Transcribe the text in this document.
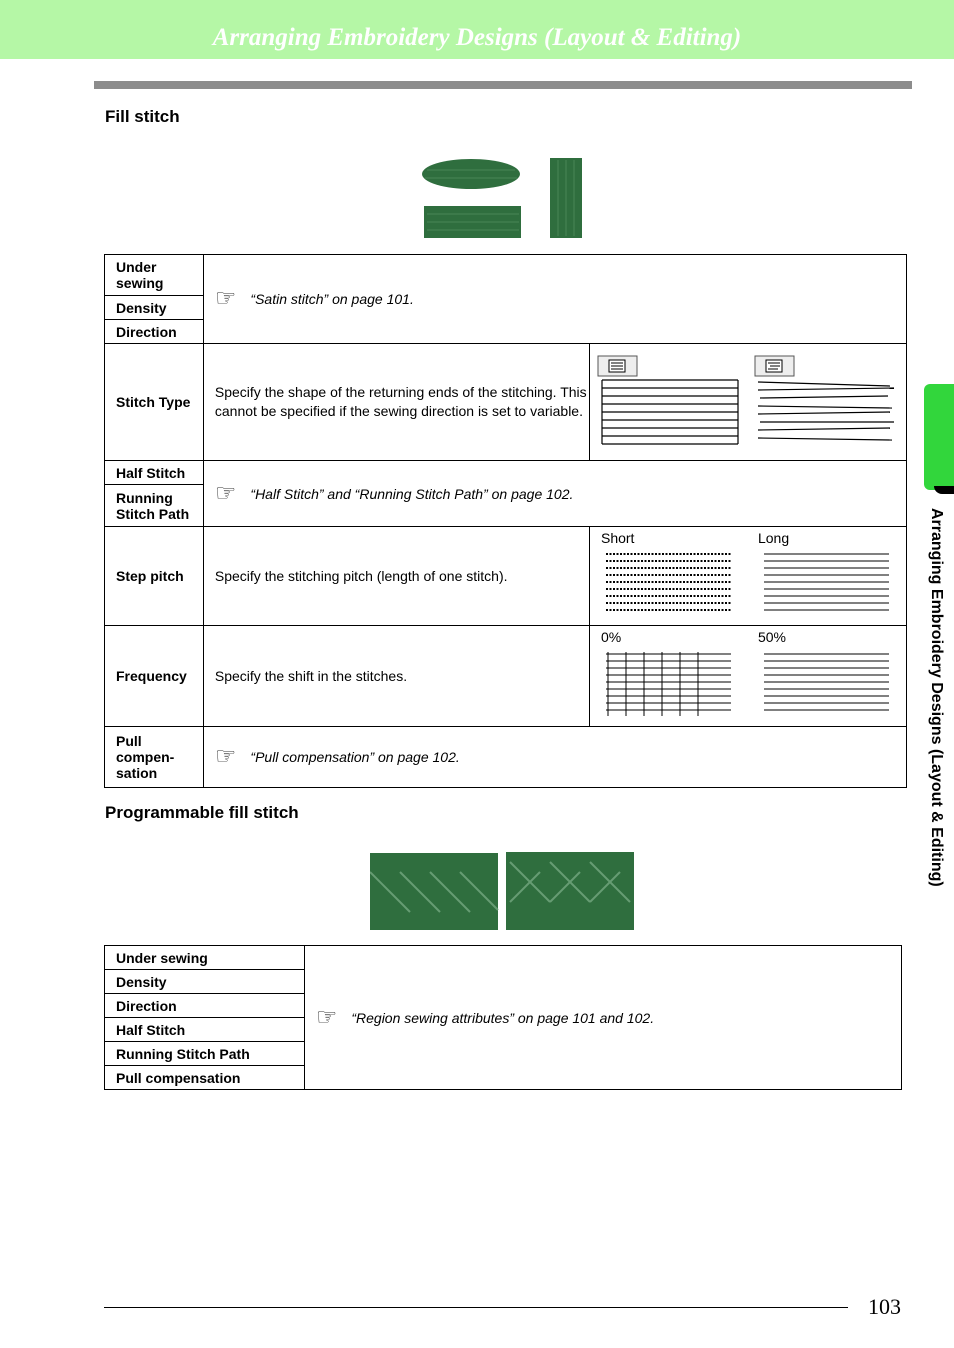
Arranging Embroidery Designs (Layout & Editing)
Arranging Embroidery Designs (Layout & Editing)
Fill stitch
Under sewing	☞ “Satin stitch” on page 101.	

Density		
Direction		
Stitch Type	Specify the shape of the returning ends of the stitching. This cannot be specified if the sewing direction is set to variable.

Half Stitch	☞ “Half Stitch” and “Running Stitch Path” on page 102.	

Running Stitch Path		
Step pitch	Specify the stitching pitch (length of one stitch).	Short Long

Frequency	Specify the shift in the stitches.	0% 50%

Pull compen-sation	☞ “Pull compensation” on page 102.	
Programmable fill stitch
Under sewing	
☞ “Region sewing attributes” on page 101 and 102.

Density
Direction
Half Stitch
Running Stitch Path
Pull compensation
103
